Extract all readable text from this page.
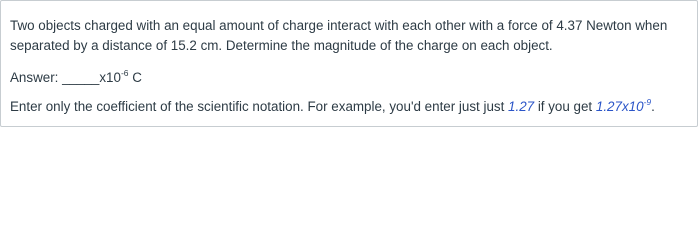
Two objects charged with an equal amount of charge interact with each other with a force of 4.37 Newton when
separated by a distance of 15.2 cm. Determine the magnitude of the charge on each object.
Answer: $\_\_\_\_\_x10^{-6}$ C
Enter only the coefficient of the scientific notation. For example, you'd enter just just 1.27 if you get $1.27x10^{-9}$.
